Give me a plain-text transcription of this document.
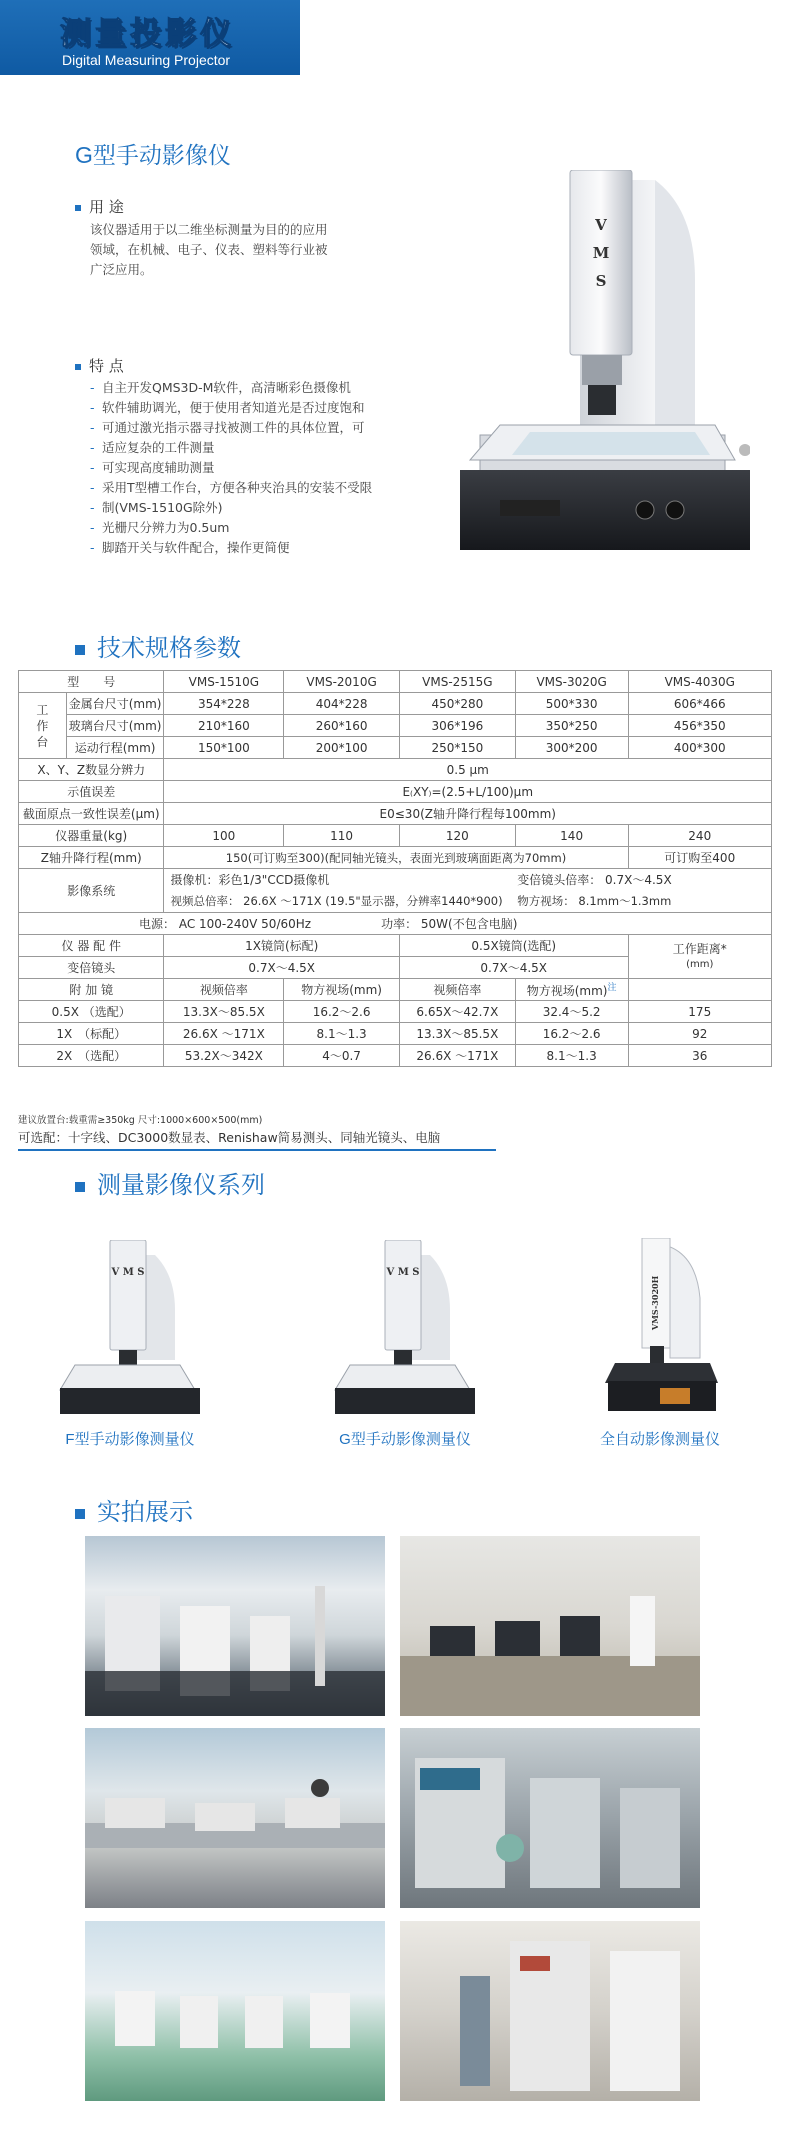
测量投影仪
Digital Measuring Projector
G型手动影像仪
用 途
该仪器适用于以二维坐标测量为目的的应用
领域，在机械、电子、仪表、塑料等行业被
广泛应用。
特 点
- 自主开发QMS3D-M软件，高清晰彩色摄像机
- 软件辅助调光，便于使用者知道光是否过度饱和
- 可通过激光指示器寻找被测工件的具体位置，可
- 适应复杂的工件测量
- 可实现高度辅助测量
- 采用T型槽工作台，方便各种夹治具的安装不受限
- 制(VMS-1510G除外)
- 光栅尺分辨力为0.5um
- 脚踏开关与软件配合，操作更简便
V
M
S
技术规格参数
型　　号		VMS-1510G	VMS-2010G	VMS-2515G	VMS-3020G	VMS-4030G
工作台	金属台尺寸(mm)	354*228	404*228	450*280	500*330	606*466
	玻璃台尺寸(mm)	210*160	260*160	306*196	350*250	456*350
	运动行程(mm)	150*100	200*100	250*150	300*200	400*300
X、Y、Z数显分辨力		0.5 μm				
示值误差		E₍XY₎=(2.5+L/100)μm				
截面原点一致性误差(μm)		E0≤30(Z轴升降行程每100mm)				
仪器重量(kg)		100	110	120	140	240
Z轴升降行程(mm)		150(可订购至300)(配同轴光镜头，表面光到玻璃面距离为70mm)				可订购至400
影像系统		摄像机：彩色1/3"CCD摄像机			变倍镜头倍率： 0.7X～4.5X	
		视频总倍率： 26.6X ～171X (19.5"显示器，分辨率1440*900)			物方视场： 8.1mm～1.3mm	
电源： AC 100-240V 50/60Hz 功率： 50W(不包含电脑)						
仪 器 配 件		1X镜筒(标配)		0.5X镜筒(选配)		工作距离*
(mm)

变倍镜头		0.7X～4.5X		0.7X～4.5X		
附 加 镜		视频倍率	物方视场(mm)	视频倍率	物方视场(mm)$^注$	
0.5X （选配）		13.3X～85.5X	16.2～2.6	6.65X～42.7X	32.4～5.2	175
1X　（标配）		26.6X ～171X	8.1～1.3	13.3X～85.5X	16.2～2.6	92
2X　（选配）		53.2X～342X	4～0.7	26.6X ～171X	8.1～1.3	36
建议放置台:载重需≥350kg 尺寸:1000×600×500(mm)
可选配：十字线、DC3000数显表、Renishaw简易测头、同轴光镜头、电脑
测量影像仪系列
V M S
F型手动影像测量仪
V M S
G型手动影像测量仪
VMS-3020H
全自动影像测量仪
实拍展示
